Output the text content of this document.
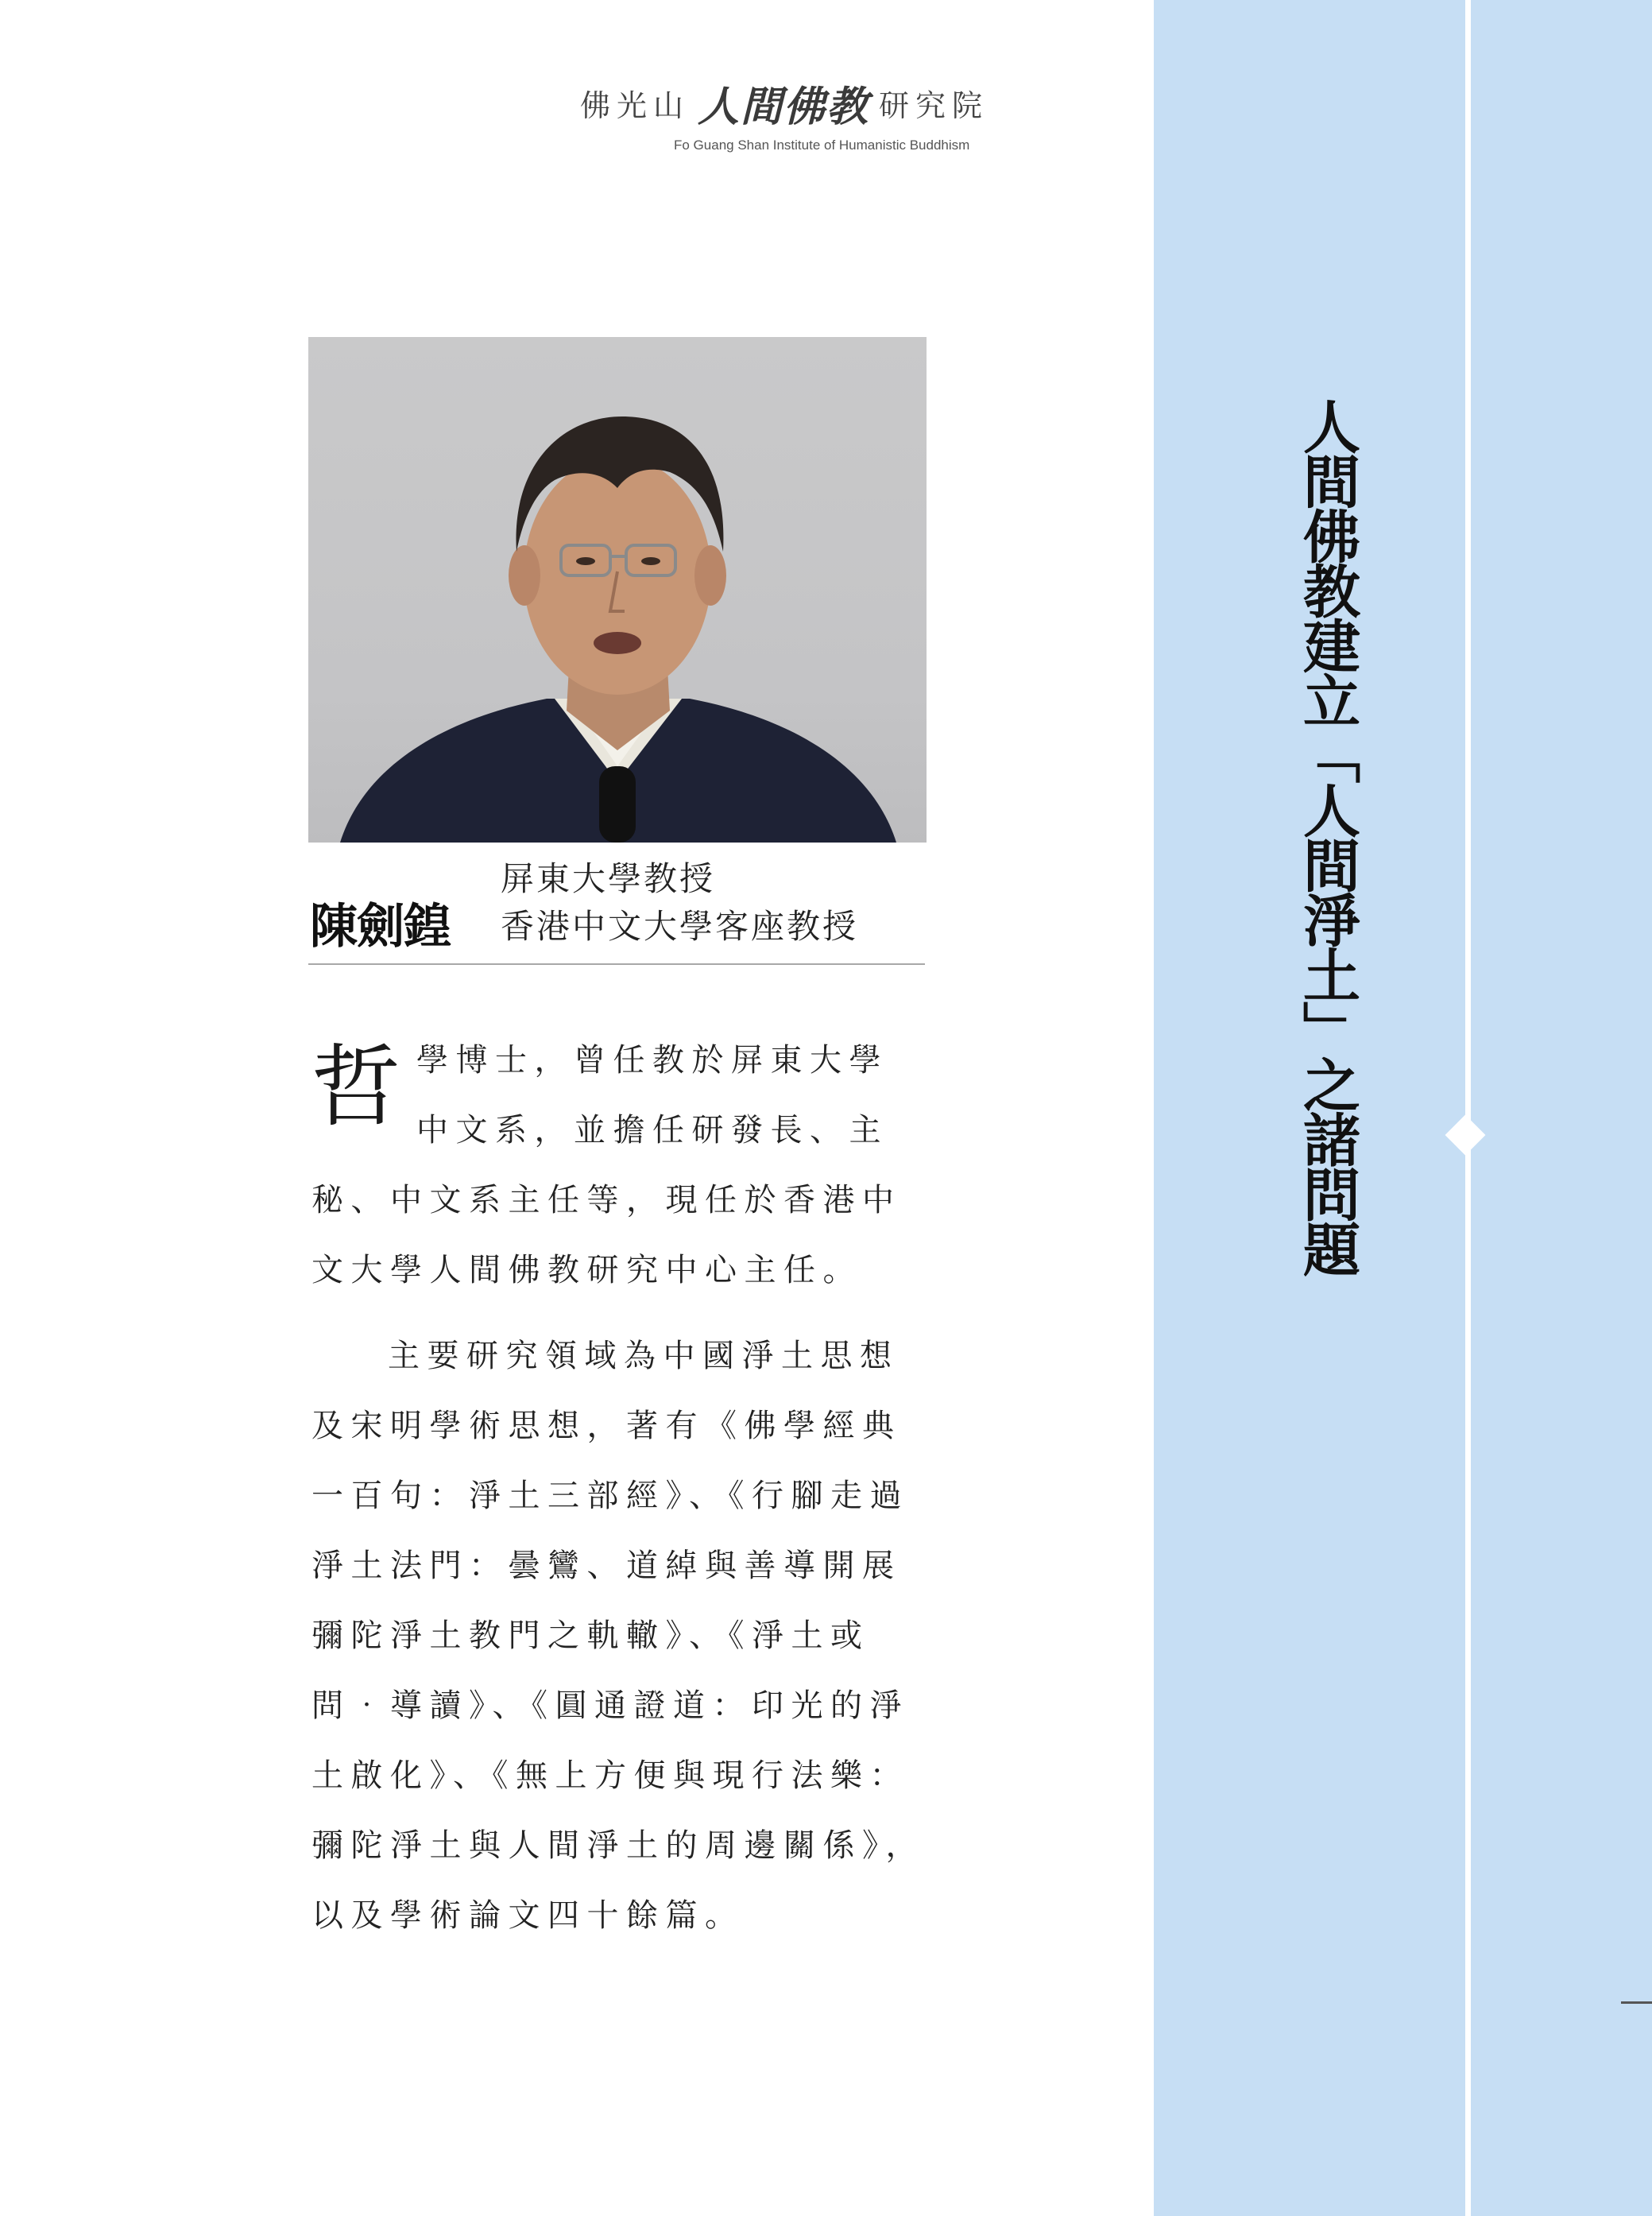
人間佛教建立「人間淨土」之諸問題
佛光山 人間佛教 研究院
Fo Guang Shan Institute of Humanistic Buddhism
陳劍鍠
屏東大學教授
香港中文大學客座教授

哲學博士，曾任教於屏東大學中文系，並擔任研發長、主秘、中文系主任等，現任於香港中文大學人間佛教研究中心主任。

主要研究領域為中國淨土思想及宋明學術思想，著有《佛學經典一百句：淨土三部經》、《行腳走過淨土法門：曇鸞、道綽與善導開展彌陀淨土教門之軌轍》、《淨土或問‧導讀》、《圓通證道：印光的淨土啟化》、《無上方便與現行法樂：彌陀淨土與人間淨土的周邊關係》，以及學術論文四十餘篇。
